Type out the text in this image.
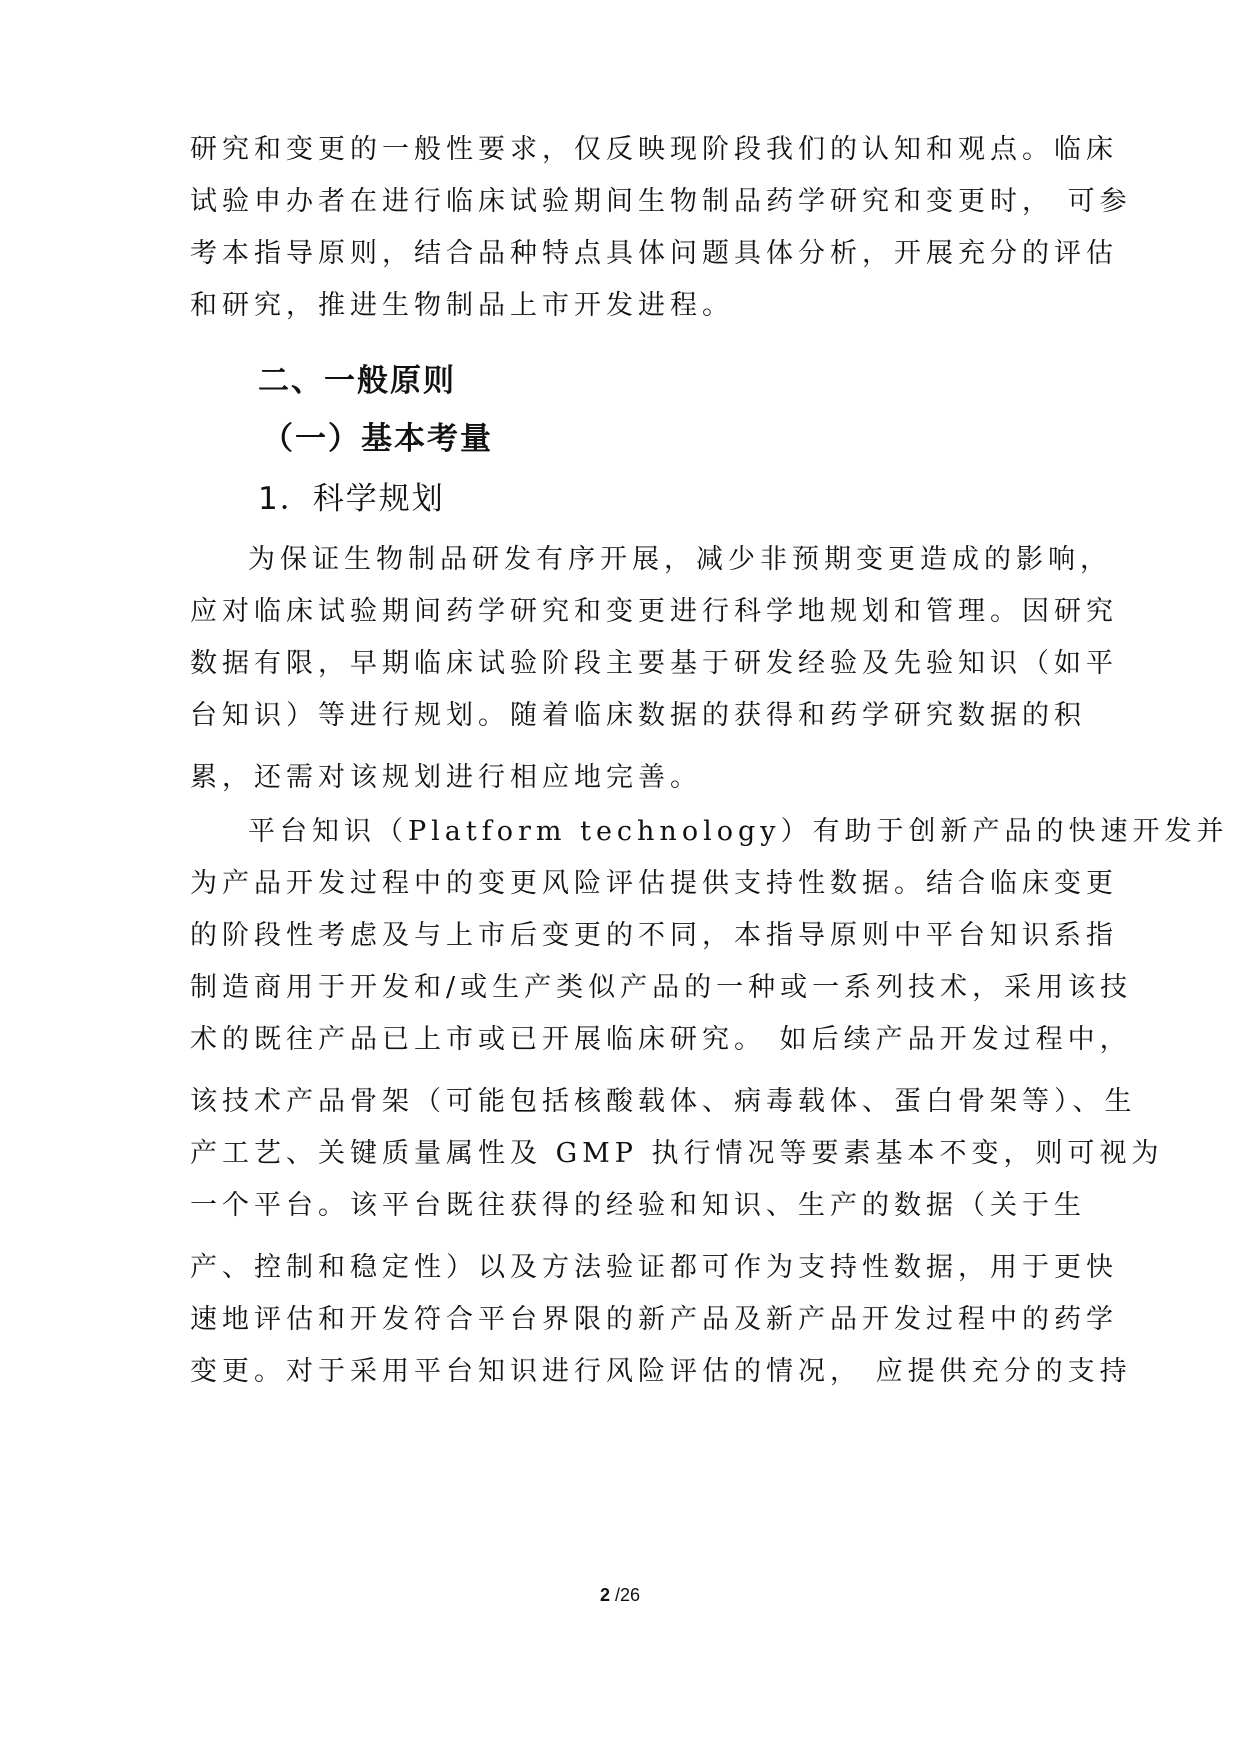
研究和变更的一般性要求，仅反映现阶段我们的认知和观点。临床
试验申办者在进行临床试验期间生物制品药学研究和变更时， 可参
考本指导原则，结合品种特点具体问题具体分析，开展充分的评估
和研究，推进生物制品上市开发进程。
二、一般原则
（一）基本考量
1．科学规划
为保证生物制品研发有序开展，减少非预期变更造成的影响，
应对临床试验期间药学研究和变更进行科学地规划和管理。因研究
数据有限，早期临床试验阶段主要基于研发经验及先验知识（如平
台知识）等进行规划。随着临床数据的获得和药学研究数据的积
累，还需对该规划进行相应地完善。
平台知识（Platform technology）有助于创新产品的快速开发并
为产品开发过程中的变更风险评估提供支持性数据。结合临床变更
的阶段性考虑及与上市后变更的不同，本指导原则中平台知识系指
制造商用于开发和/或生产类似产品的一种或一系列技术，采用该技
术的既往产品已上市或已开展临床研究。 如后续产品开发过程中，
该技术产品骨架（可能包括核酸载体、病毒载体、蛋白骨架等）、生
产工艺、关键质量属性及 GMP 执行情况等要素基本不变，则可视为
一个平台。该平台既往获得的经验和知识、生产的数据（关于生
产、控制和稳定性）以及方法验证都可作为支持性数据，用于更快
速地评估和开发符合平台界限的新产品及新产品开发过程中的药学
变更。对于采用平台知识进行风险评估的情况， 应提供充分的支持
2 /26
